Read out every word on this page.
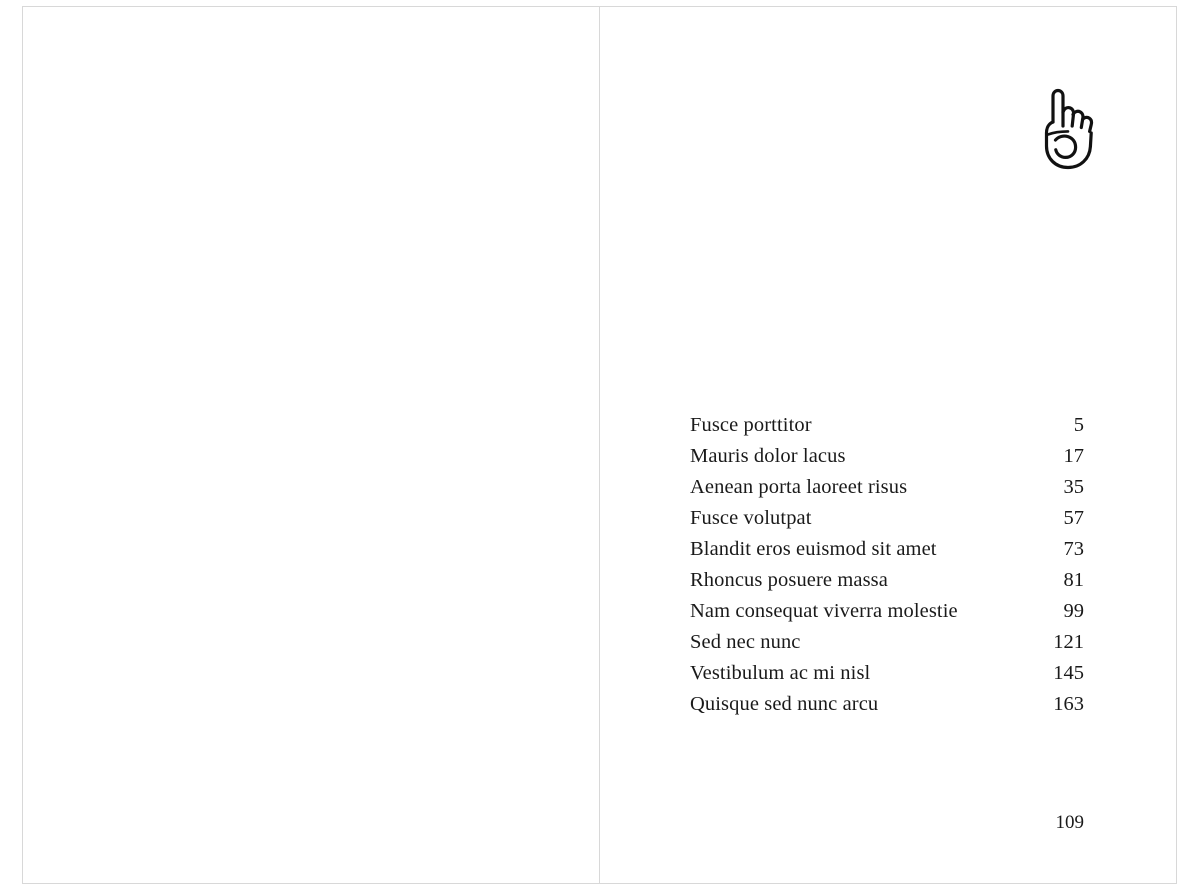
Fusce porttitor	5
Mauris dolor lacus	17
Aenean porta laoreet risus	35
Fusce volutpat	57
Blandit eros euismod sit amet	73
Rhoncus posuere massa	81
Nam consequat viverra molestie	99
Sed nec nunc	121
Vestibulum ac mi nisl	145
Quisque sed nunc arcu	163
109
